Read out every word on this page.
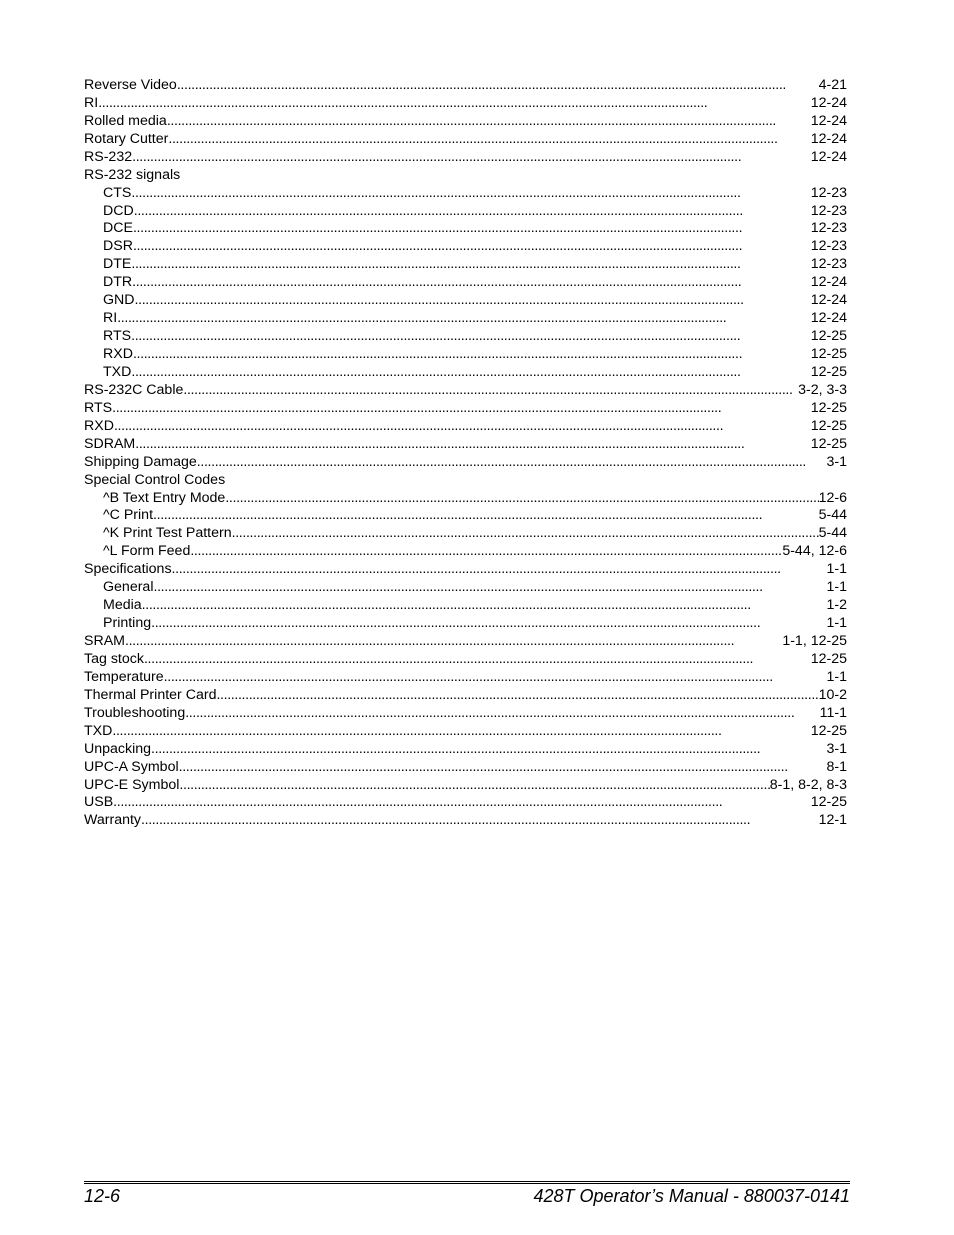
Reverse Video . . .	4-21
RI . . .	12-24
Rolled media . . .	12-24
Rotary Cutter . . .	12-24
RS-232 . . .	12-24
RS-232 signals
CTS . . .	12-23
DCD . . .	12-23
DCE . . .	12-23
DSR . . .	12-23
DTE . . .	12-23
DTR . . .	12-24
GND . . .	12-24
RI . . .	12-24
RTS . . .	12-25
RXD . . .	12-25
TXD . . .	12-25
RS-232C Cable . . .	3-2, 3-3
RTS . . .	12-25
RXD . . .	12-25
SDRAM . . .	12-25
Shipping Damage . . .	3-1
Special Control Codes
^B Text Entry Mode . . .	12-6
^C Print . . .	5-44
^K Print Test Pattern . . .	5-44
^L Form Feed . . .	5-44, 12-6
Specifications . . .	1-1
General . . .	1-1
Media . . .	1-2
Printing . . .	1-1
SRAM . . .	1-1, 12-25
Tag stock . . .	12-25
Temperature . . .	1-1
Thermal Printer Card . . .	10-2
Troubleshooting . . .	11-1
TXD . . .	12-25
Unpacking . . .	3-1
UPC-A Symbol . . .	8-1
UPC-E Symbol . . .	8-1, 8-2, 8-3
USB . . .	12-25
Warranty . . .	12-1
12-6	428T Operator’s Manual - 880037-0141
